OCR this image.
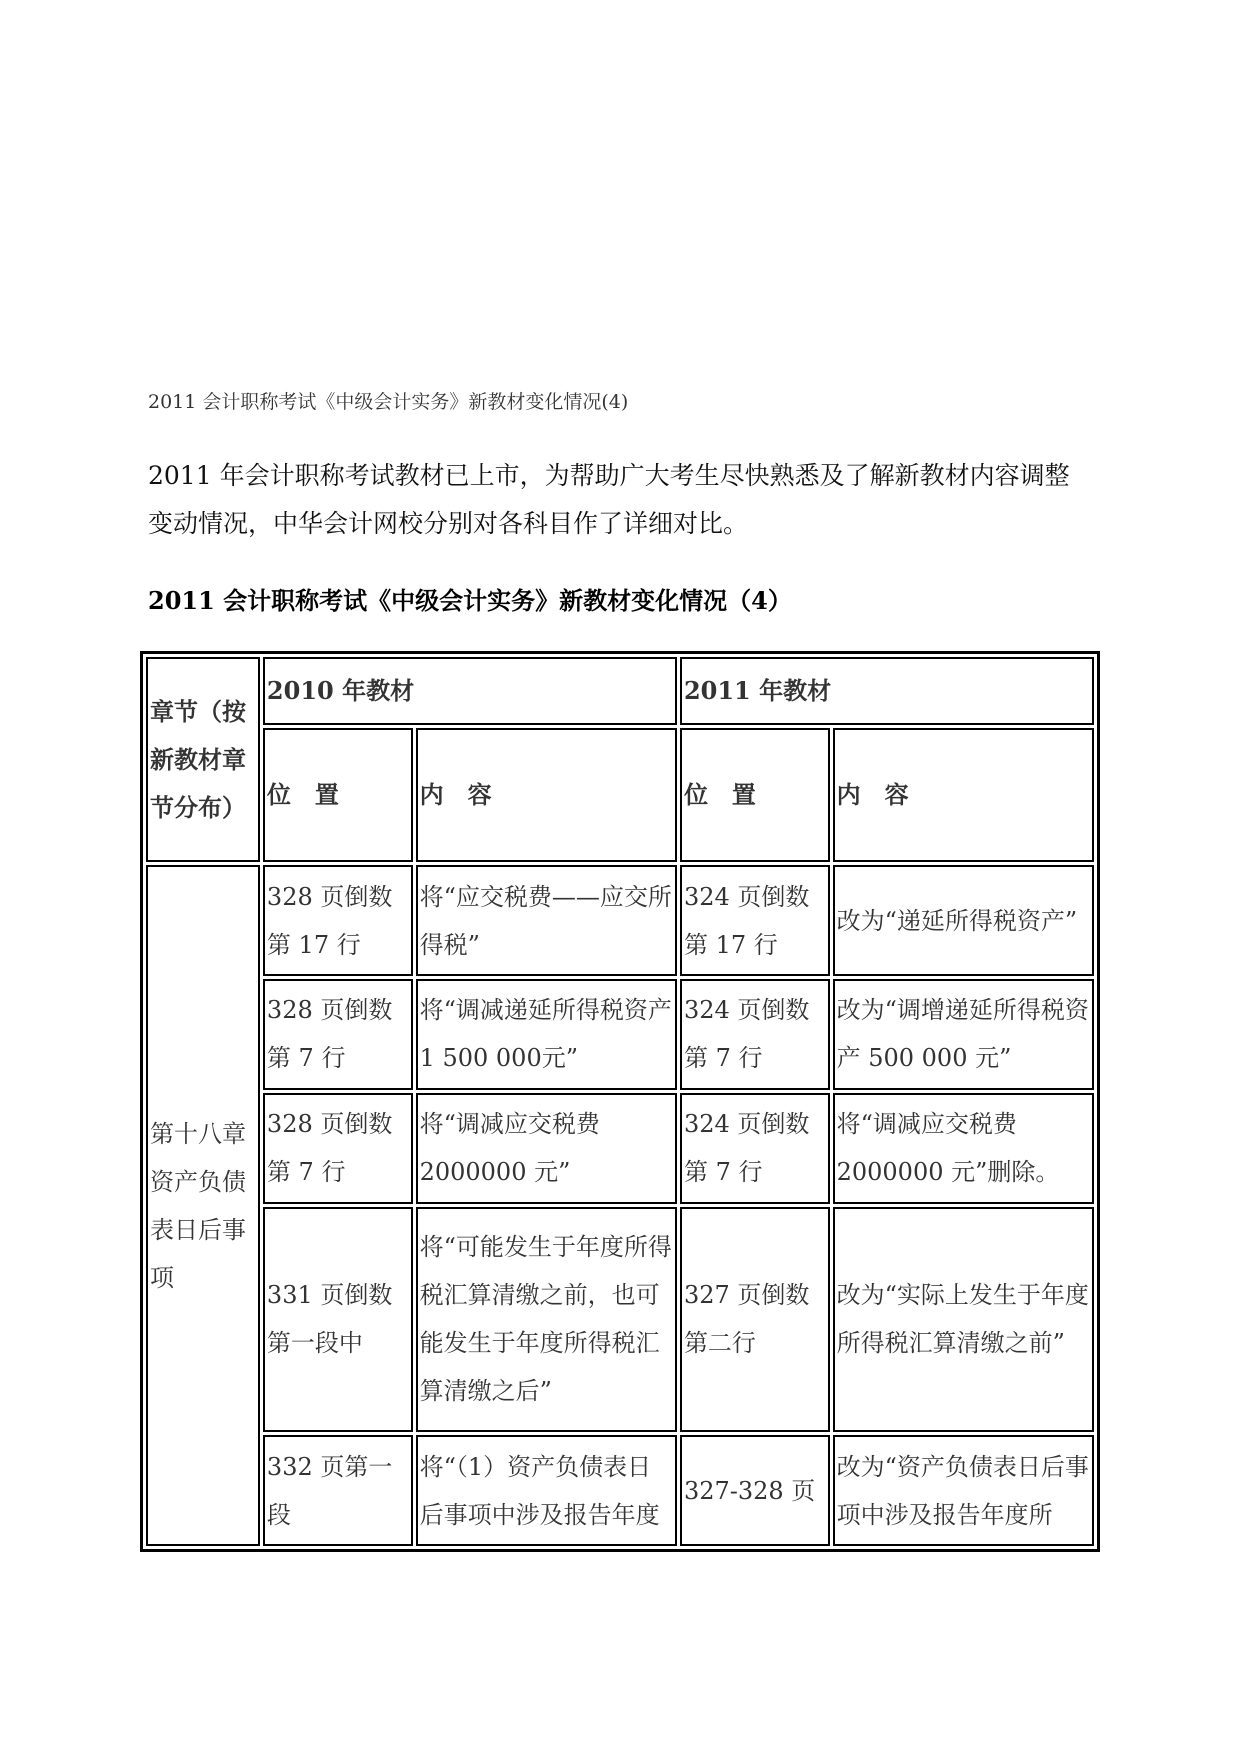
2011 会计职称考试《中级会计实务》新教材变化情况(4)
2011 年会计职称考试教材已上市，为帮助广大考生尽快熟悉及了解新教材内容调整变动情况，中华会计网校分别对各科目作了详细对比。
2011 会计职称考试《中级会计实务》新教材变化情况（4）
章节（按新教材章节分布）	2010 年教材		2011 年教材	
	位　置	内　容	位　置	内　容
第十八章资产负债表日后事项	328 页倒数第 17 行	将“应交税费——应交所得税”	324 页倒数第 17 行	改为“递延所得税资产”
	328 页倒数第 7 行	将“调减递延所得税资产 1 500 000元”	324 页倒数第 7 行	改为“调增递延所得税资产 500 000 元”
	328 页倒数第 7 行	将“调减应交税费 2000000 元”	324 页倒数第 7 行	将“调减应交税费 2000000 元”删除。
	331 页倒数第一段中	将“可能发生于年度所得税汇算清缴之前，也可能发生于年度所得税汇算清缴之后”	327 页倒数第二行	改为“实际上发生于年度所得税汇算清缴之前”
	332 页第一段	将“（1）资产负债表日后事项中涉及报告年度	327-328 页	改为“资产负债表日后事项中涉及报告年度所
